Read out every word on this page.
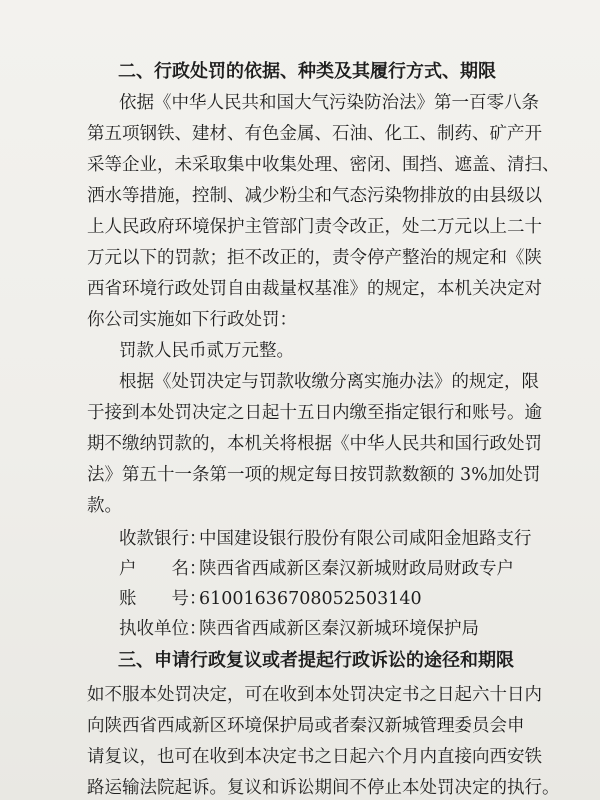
二、行政处罚的依据、种类及其履行方式、期限
依据《中华人民共和国大气污染防治法》第一百零八条
第五项钢铁、建材、有色金属、石油、化工、制药、矿产开
采等企业，未采取集中收集处理、密闭、围挡、遮盖、清扫、
洒水等措施，控制、减少粉尘和气态污染物排放的由县级以
上人民政府环境保护主管部门责令改正，处二万元以上二十
万元以下的罚款；拒不改正的，责令停产整治的规定和《陕
西省环境行政处罚自由裁量权基准》的规定，本机关决定对
你公司实施如下行政处罚：
罚款人民币贰万元整。
根据《处罚决定与罚款收缴分离实施办法》的规定，限
于接到本处罚决定之日起十五日内缴至指定银行和账号。逾
期不缴纳罚款的，本机关将根据《中华人民共和国行政处罚
法》第五十一条第一项的规定每日按罚款数额的 3%加处罚
款。
收款银行：中国建设银行股份有限公司咸阳金旭路支行
户　　名：陕西省西咸新区秦汉新城财政局财政专户
账　　号：61001636708052503140
执收单位：陕西省西咸新区秦汉新城环境保护局
三、申请行政复议或者提起行政诉讼的途径和期限
如不服本处罚决定，可在收到本处罚决定书之日起六十日内
向陕西省西咸新区环境保护局或者秦汉新城管理委员会申
请复议，也可在收到本决定书之日起六个月内直接向西安铁
路运输法院起诉。复议和诉讼期间不停止本处罚决定的执行。
